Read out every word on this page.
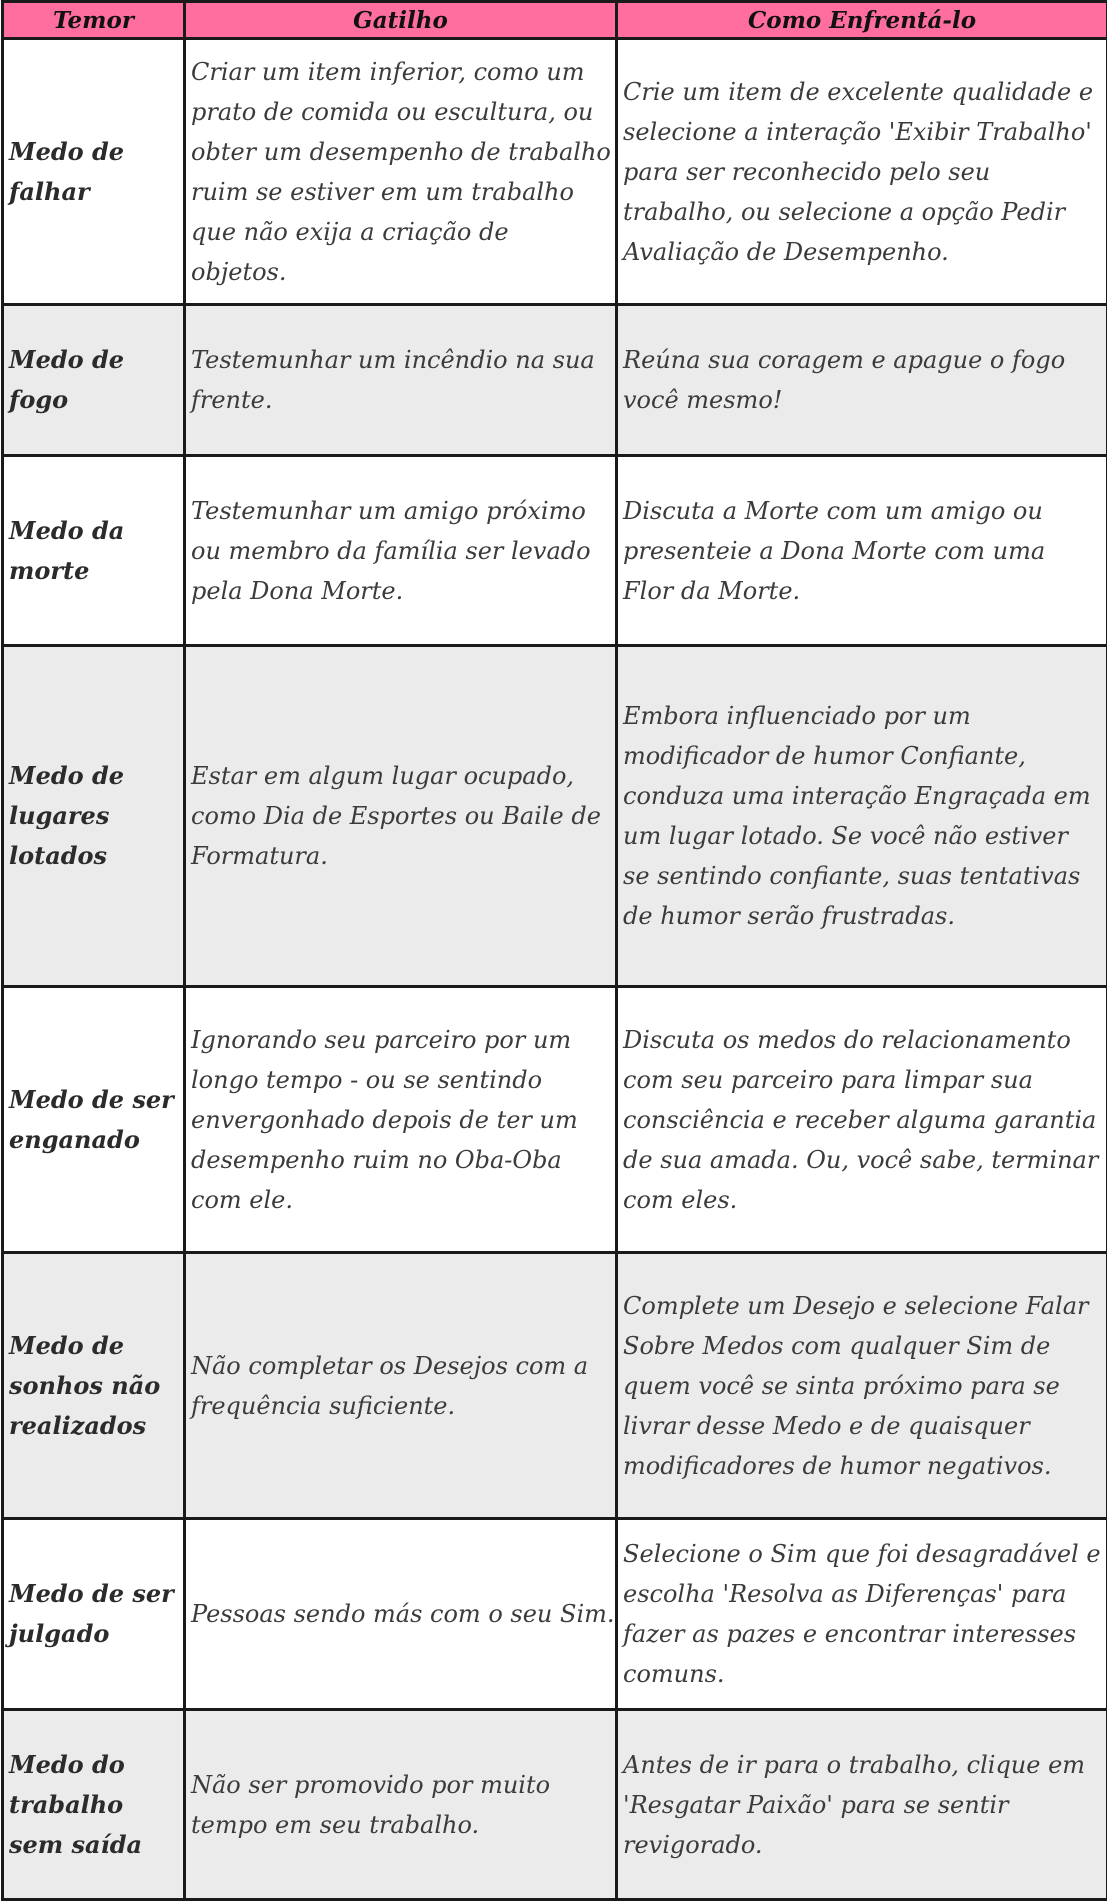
Temor	Gatilho	Como Enfrentá-lo
Medo de falhar	Criar um item inferior, como um prato de comida ou escultura, ou obter um desempenho de trabalho ruim se estiver em um trabalho que não exija a criação de objetos.	Crie um item de excelente qualidade e selecione a interação 'Exibir Trabalho' para ser reconhecido pelo seu trabalho, ou selecione a opção Pedir Avaliação de Desempenho.
Medo de fogo	Testemunhar um incêndio na sua frente.	Reúna sua coragem e apague o fogo você mesmo!
Medo da morte	Testemunhar um amigo próximo ou membro da família ser levado pela Dona Morte.	Discuta a Morte com um amigo ou presenteie a Dona Morte com uma Flor da Morte.
Medo de lugares lotados	Estar em algum lugar ocupado, como Dia de Esportes ou Baile de Formatura.	Embora influenciado por um modificador de humor Confiante, conduza uma interação Engraçada em um lugar lotado. Se você não estiver se sentindo confiante, suas tentativas de humor serão frustradas.
Medo de ser enganado	Ignorando seu parceiro por um longo tempo - ou se sentindo envergonhado depois de ter um desempenho ruim no Oba-Oba com ele.	Discuta os medos do relacionamento com seu parceiro para limpar sua consciência e receber alguma garantia de sua amada. Ou, você sabe, terminar com eles.
Medo de sonhos não realizados	Não completar os Desejos com a frequência suficiente.	Complete um Desejo e selecione Falar Sobre Medos com qualquer Sim de quem você se sinta próximo para se livrar desse Medo e de quaisquer modificadores de humor negativos.
Medo de ser julgado	Pessoas sendo más com o seu Sim.	Selecione o Sim que foi desagradável e escolha 'Resolva as Diferenças' para fazer as pazes e encontrar interesses comuns.
Medo do trabalho sem saída	Não ser promovido por muito tempo em seu trabalho.	Antes de ir para o trabalho, clique em 'Resgatar Paixão' para se sentir revigorado.
